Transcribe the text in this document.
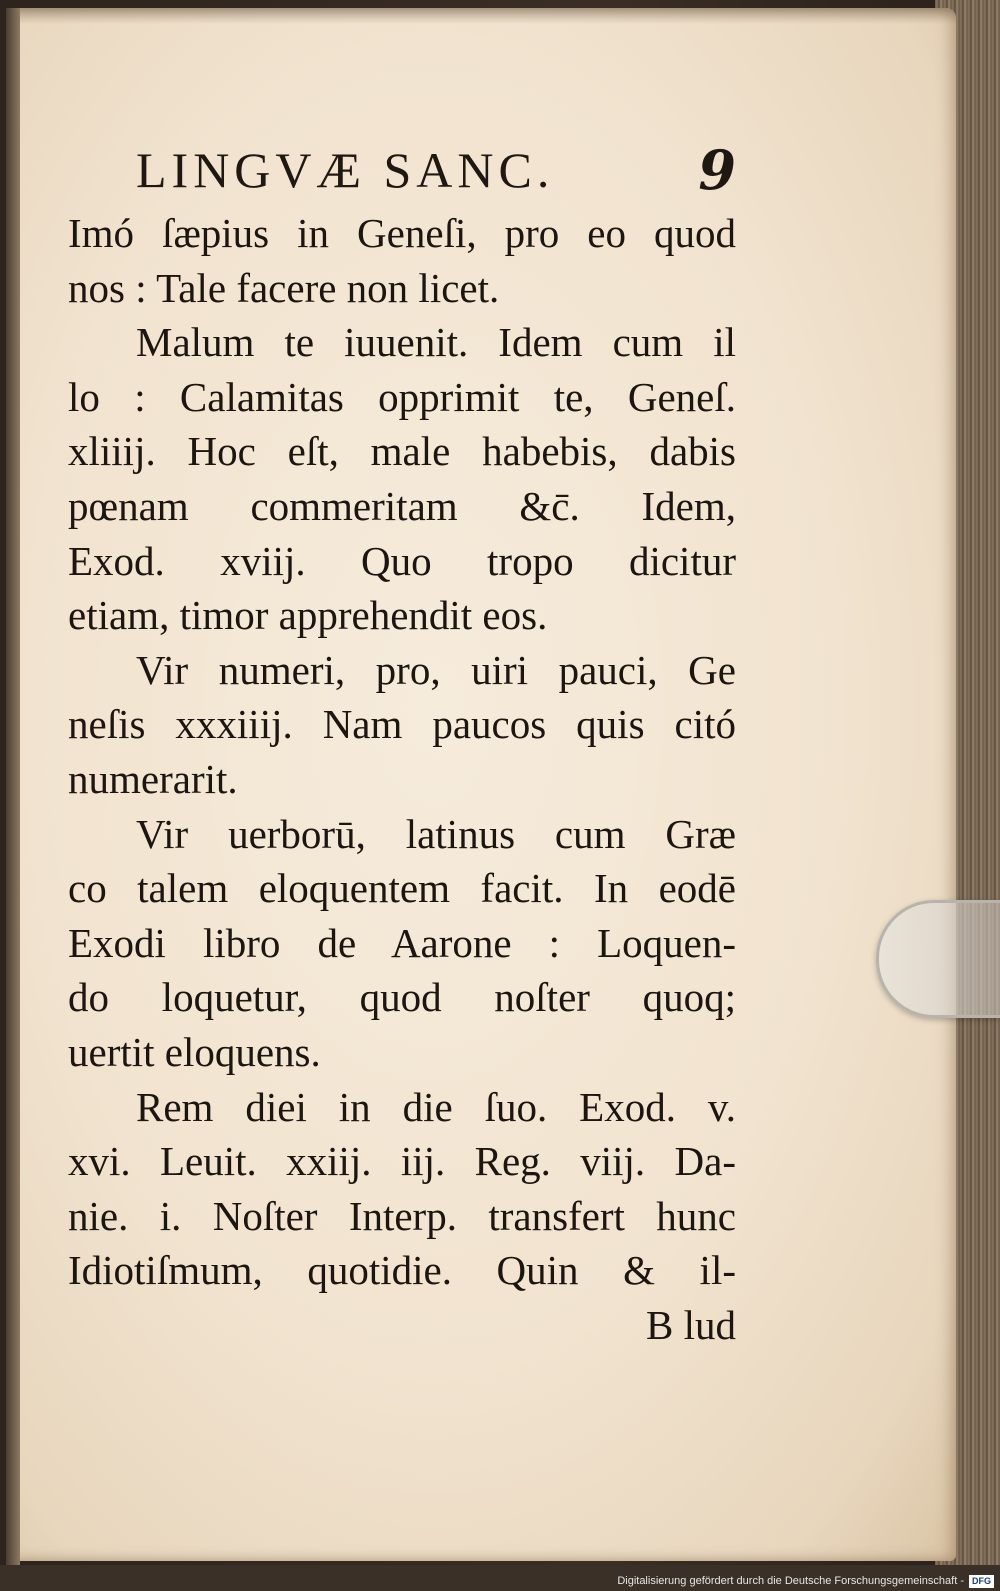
LINGVÆ SANC.	9
Imó ſæpius in Geneſi, pro eo quod
nos : Tale facere non licet.
Malum te iuuenit. Idem cum il
lo : Calamitas opprimit te, Geneſ.
xliiij. Hoc eſt, male habebis, dabis
pœnam commeritam &c̄. Idem,
Exod. xviij. Quo tropo dicitur
etiam, timor apprehendit eos.
Vir numeri, pro, uiri pauci, Ge
neſis xxxiiij. Nam paucos quis citó
numerarit.
Vir uerborū, latinus cum Græ
co talem eloquentem facit. In eodē
Exodi libro de Aarone : Loquen-
do loquetur, quod noſter quoq;
uertit eloquens.
Rem diei in die ſuo. Exod. v.
xvi. Leuit. xxiij. iij. Reg. viij. Da-
nie. i. Noſter Interp. transfert hunc
Idiotiſmum, quotidie. Quin & il-
B lud
Digitalisierung gefördert durch die Deutsche Forschungsgemeinschaft - DFG
